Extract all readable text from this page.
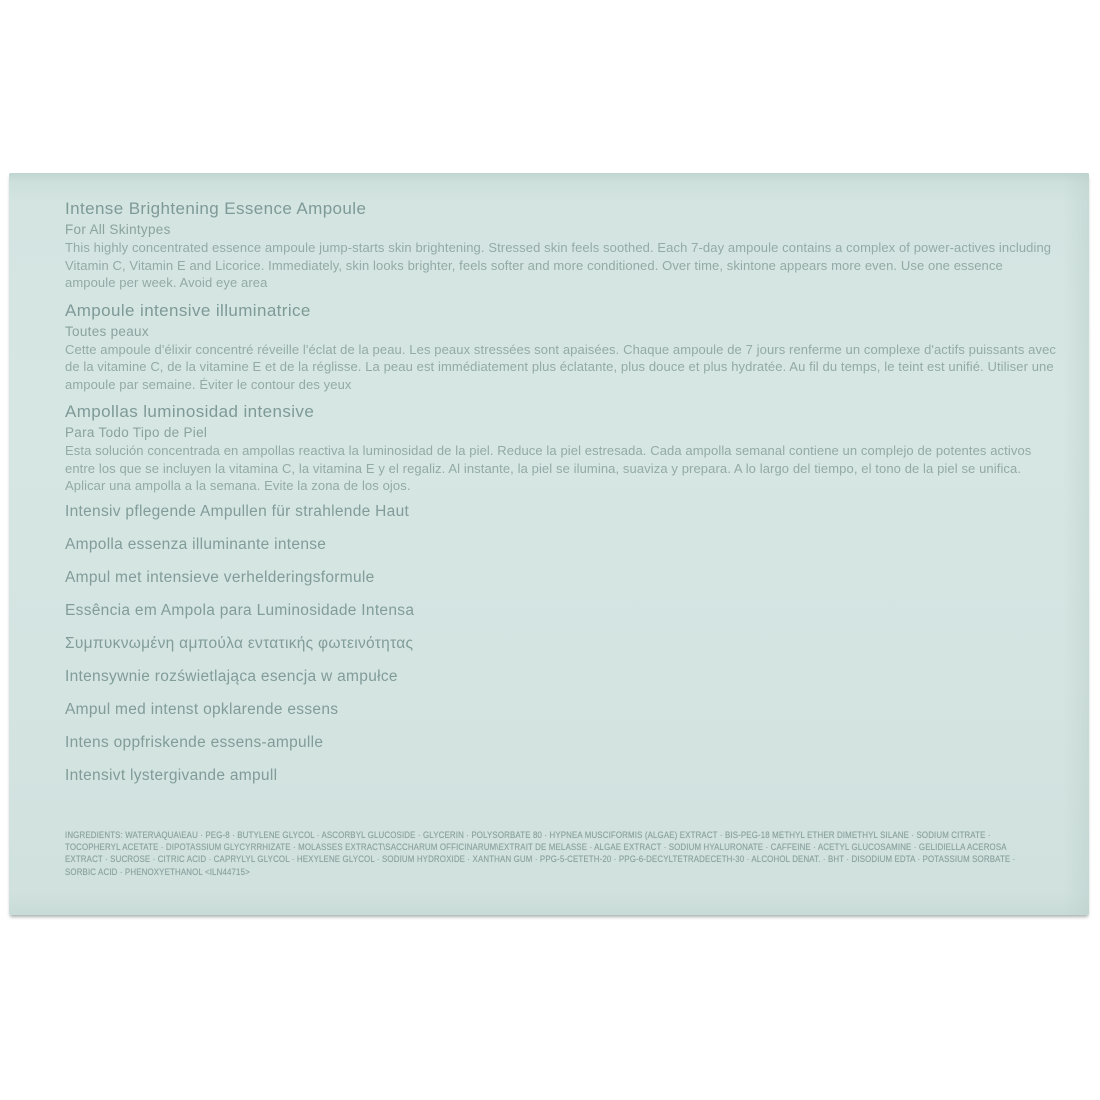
Intense Brightening Essence Ampoule
For All Skintypes

This highly concentrated essence ampoule jump-starts skin brightening. Stressed skin feels soothed. Each 7-day ampoule contains a complex of power-actives including Vitamin C, Vitamin E and Licorice. Immediately, skin looks brighter, feels softer and more conditioned. Over time, skintone appears more even. Use one essence ampoule per week. Avoid eye area

Ampoule intensive illuminatrice
Toutes peaux

Cette ampoule d'élixir concentré réveille l'éclat de la peau. Les peaux stressées sont apaisées. Chaque ampoule de 7 jours renferme un complexe d'actifs puissants avec de la vitamine C, de la vitamine E et de la réglisse. La peau est immédiatement plus éclatante, plus douce et plus hydratée. Au fil du temps, le teint est unifié. Utiliser une ampoule par semaine. Éviter le contour des yeux

Ampollas luminosidad intensive
Para Todo Tipo de Piel

Esta solución concentrada en ampollas reactiva la luminosidad de la piel. Reduce la piel estresada. Cada ampolla semanal contiene un complejo de potentes activos entre los que se incluyen la vitamina C, la vitamina E y el regaliz. Al instante, la piel se ilumina, suaviza y prepara. A lo largo del tiempo, el tono de la piel se unifica. Aplicar una ampolla a la semana. Evite la zona de los ojos.

Intensiv pflegende Ampullen für strahlende Haut
Ampolla essenza illuminante intense
Ampul met intensieve verhelderingsformule
Essência em Ampola para Luminosidade Intensa
Συμπυκνωμένη αμπούλα εντατικής φωτεινότητας
Intensywnie rozświetlająca esencja w ampułce
Ampul med intenst opklarende essens
Intens oppfriskende essens-ampulle
Intensivt lystergivande ampull
INGREDIENTS: WATER\AQUA\EAU · PEG-8 · BUTYLENE GLYCOL · ASCORBYL GLUCOSIDE · GLYCERIN · POLYSORBATE 80 · HYPNEA MUSCIFORMIS (ALGAE) EXTRACT · BIS-PEG-18 METHYL ETHER DIMETHYL SILANE · SODIUM CITRATE ·
TOCOPHERYL ACETATE · DIPOTASSIUM GLYCYRRHIZATE · MOLASSES EXTRACT\SACCHARUM OFFICINARUM\EXTRAIT DE MELASSE · ALGAE EXTRACT · SODIUM HYALURONATE · CAFFEINE · ACETYL GLUCOSAMINE · GELIDIELLA ACEROSA
EXTRACT · SUCROSE · CITRIC ACID · CAPRYLYL GLYCOL · HEXYLENE GLYCOL · SODIUM HYDROXIDE · XANTHAN GUM · PPG-5-CETETH-20 · PPG-6-DECYLTETRADECETH-30 · ALCOHOL DENAT. · BHT · DISODIUM EDTA · POTASSIUM SORBATE ·
SORBIC ACID · PHENOXYETHANOL <ILN44715>
